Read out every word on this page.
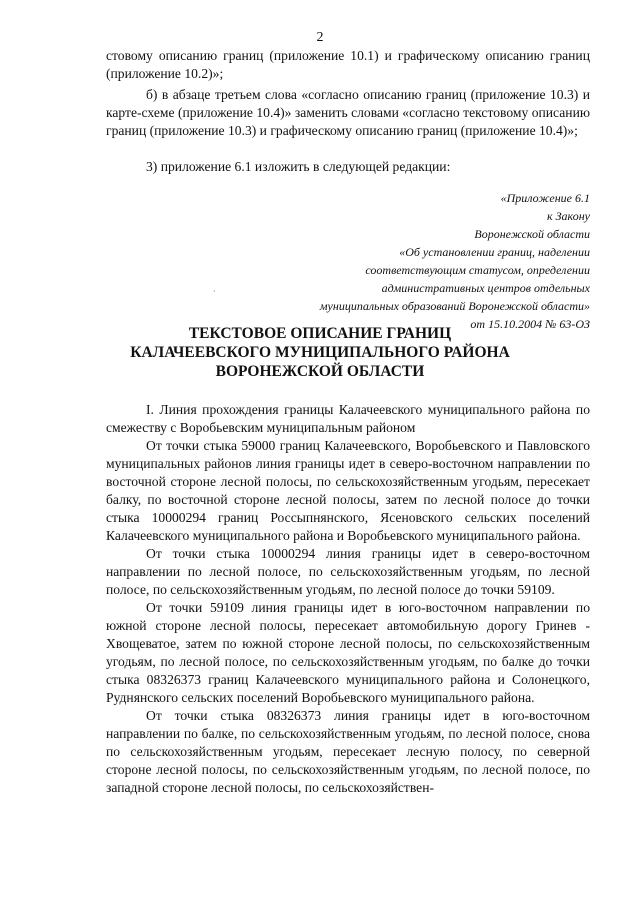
2

стовому описанию границ (приложение 10.1) и графическому описанию границ (приложение 10.2)»;

б) в абзаце третьем слова «согласно описанию границ (приложение 10.3) и карте-схеме (приложение 10.4)» заменить словами «согласно текстовому описанию границ (приложение 10.3) и графическому описанию границ (приложение 10.4)»;

3) приложение 6.1 изложить в следующей редакции:

«Приложение 6.1
к Закону
Воронежской области
«Об установлении границ, наделении
соответствующим статусом, определении
административных центров отдельных
муниципальных образований Воронежской области»
от 15.10.2004 № 63-ОЗ
·
ТЕКСТОВОЕ ОПИСАНИЕ ГРАНИЦ
КАЛАЧЕЕВСКОГО МУНИЦИПАЛЬНОГО РАЙОНА
ВОРОНЕЖСКОЙ ОБЛАСТИ

I. Линия прохождения границы Калачеевского муниципального района по смежеству с Воробьевским муниципальным районом

От точки стыка 59000 границ Калачеевского, Воробьевского и Павловского муниципальных районов линия границы идет в северо-восточном направлении по восточной стороне лесной полосы, по сельскохозяйственным угодьям, пересекает балку, по восточной стороне лесной полосы, затем по лесной полосе до точки стыка 10000294 границ Россыпнянского, Ясеновского сельских поселений Калачеевского муниципального района и Воробьевского муниципального района.

От точки стыка 10000294 линия границы идет в северо-восточном направлении по лесной полосе, по сельскохозяйственным угодьям, по лесной полосе, по сельскохозяйственным угодьям, по лесной полосе до точки 59109.

От точки 59109 линия границы идет в юго-восточном направлении по южной стороне лесной полосы, пересекает автомобильную дорогу Гринев - Хвощеватое, затем по южной стороне лесной полосы, по сельскохозяйственным угодьям, по лесной полосе, по сельскохозяйственным угодьям, по балке до точки стыка 08326373 границ Калачеевского муниципального района и Солонецкого, Руднянского сельских поселений Воробьевского муниципального района.

От точки стыка 08326373 линия границы идет в юго-восточном направлении по балке, по сельскохозяйственным угодьям, по лесной полосе, снова по сельскохозяйственным угодьям, пересекает лесную полосу, по северной стороне лесной полосы, по сельскохозяйственным угодьям, по лесной полосе, по западной стороне лесной полосы, по сельскохозяйствен-
